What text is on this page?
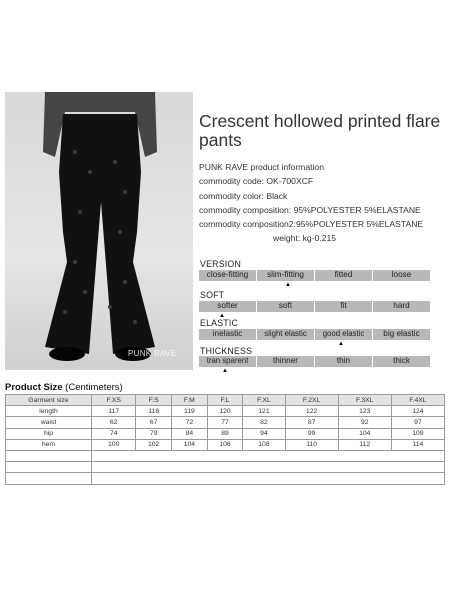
PUNK RAVE
Crescent hollowed printed flare pants
PUNK RAVE product information
commodity code: OK-700XCF
commodity color: Black
commodity composition: 95%POLYESTER 5%ELASTANE
commodity composition2:95%POLYESTER 5%ELASTANE
weight: kg-0.215
VERSION
close-fitting	slim-fitting	fitted	loose
▲
SOFT
softer	soft	fit	hard
▲
ELASTIC
inelastic	slight elastic	good elastic	big elastic
▲
THICKNESS
tran sparent	thinner	thin	thick
▲
Product Size (Centimeters)
Garment size	F.XS	F.S	F.M	F.L	F.XL	F.2XL	F.3XL	F.4XL
length	117	118	119	120	121	122	123	124
waist	62	67	72	77	82	87	92	97
hip	74	79	84	89	94	99	104	109
hem	100	102	104	106	108	110	112	114
